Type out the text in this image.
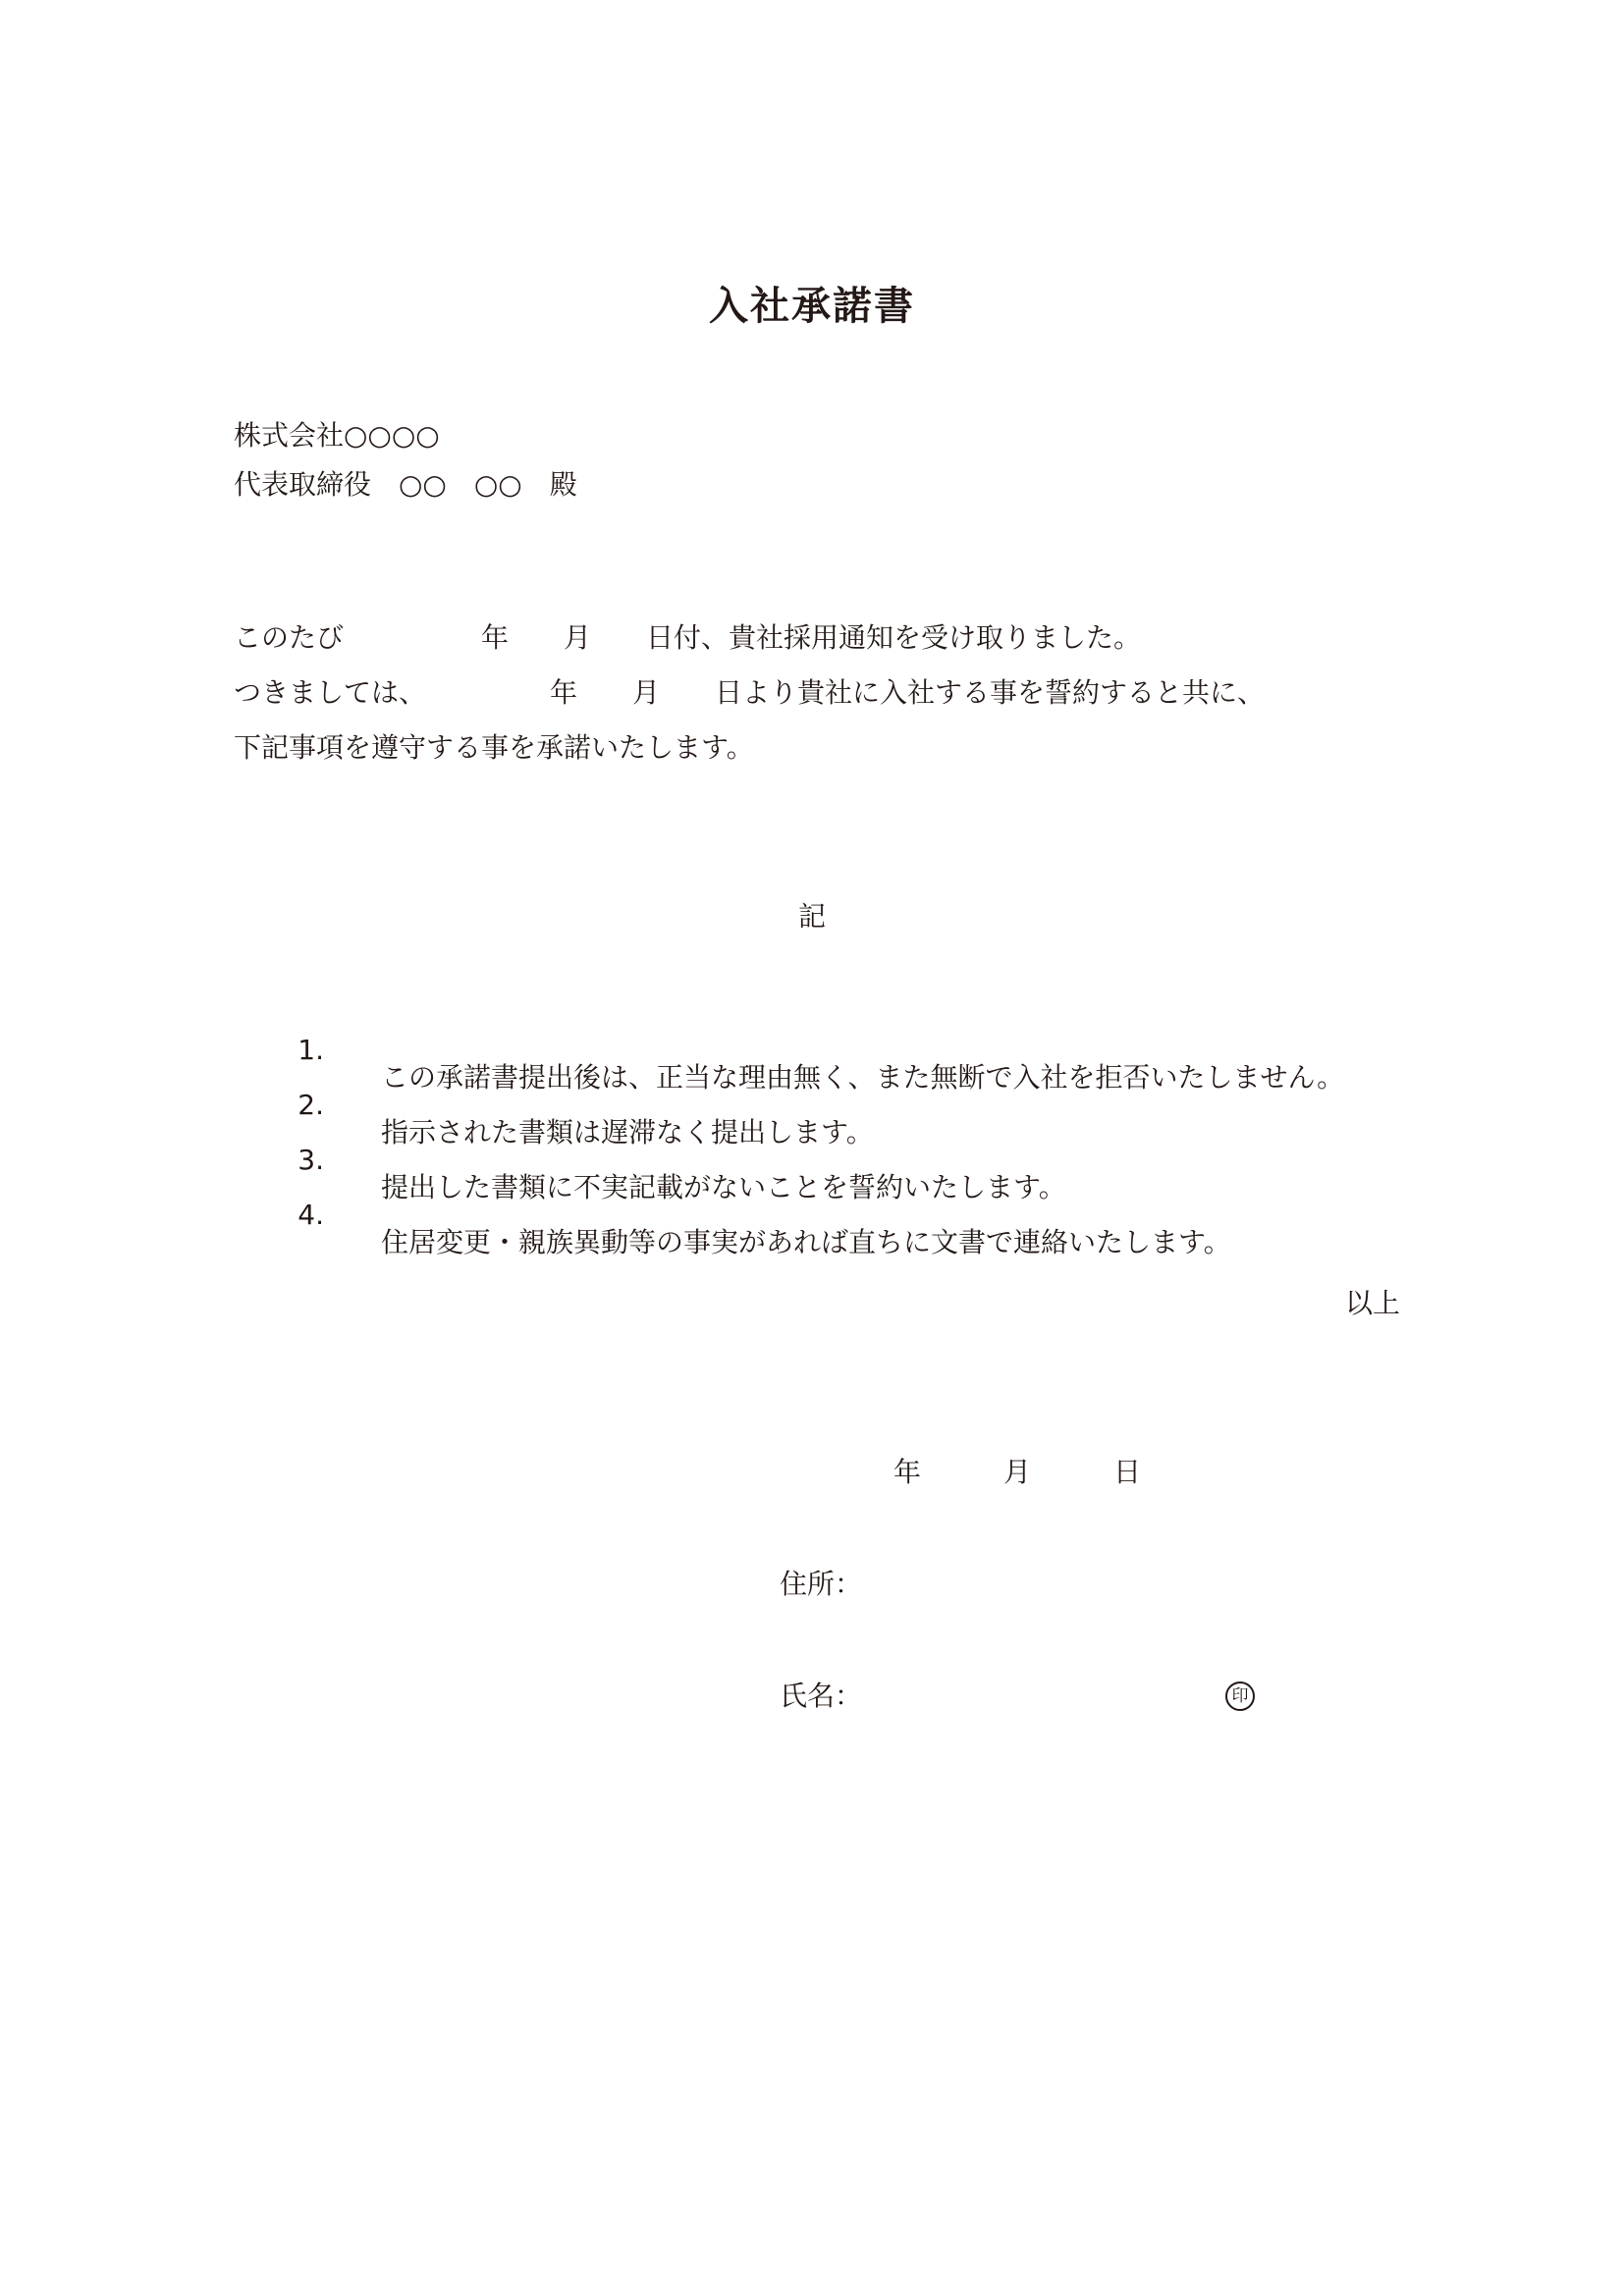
入社承諾書
株式会社○○○○
代表取締役　○○　○○　殿
このたび　　　　　年　　月　　日付、貴社採用通知を受け取りました。
つきましては、　　　　　年　　月　　日より貴社に入社する事を誓約すると共に、
下記事項を遵守する事を承諾いたします。
記

1.

この承諾書提出後は、正当な理由無く、また無断で入社を拒否いたしません。

2.

指示された書類は遅滞なく提出します。

3.

提出した書類に不実記載がないことを誓約いたします。

4.

住居変更・親族異動等の事実があれば直ちに文書で連絡いたします。

以上
年　　　月　　　日
住所：
氏名：	印
